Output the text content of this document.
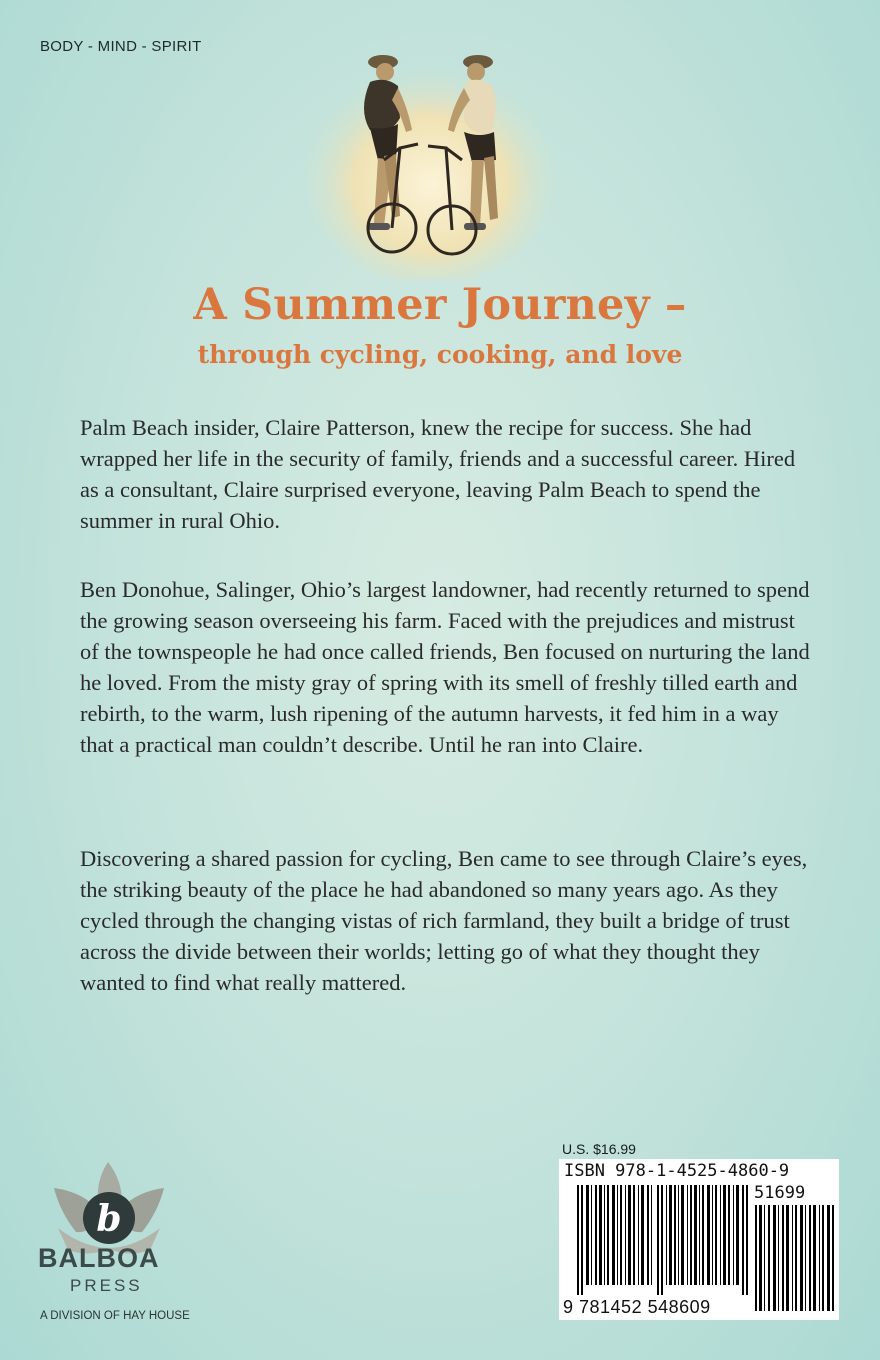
BODY - MIND - SPIRIT
A Summer Journey –
through cycling, cooking, and love

Palm Beach insider, Claire Patterson, knew the recipe for success. She had wrapped her life in the security of family, friends and a successful career. Hired as a consultant, Claire surprised everyone, leaving Palm Beach to spend the summer in rural Ohio.

Ben Donohue, Salinger, Ohio’s largest landowner, had recently returned to spend the growing season overseeing his farm. Faced with the prejudices and mistrust of the townspeople he had once called friends, Ben focused on nurturing the land he loved. From the misty gray of spring with its smell of freshly tilled earth and rebirth, to the warm, lush ripening of the autumn harvests, it fed him in a way that a practical man couldn’t describe. Until he ran into Claire.

Discovering a shared passion for cycling, Ben came to see through Claire’s eyes, the striking beauty of the place he had abandoned so many years ago. As they cycled through the changing vistas of rich farmland, they built a bridge of trust across the divide between their worlds; letting go of what they thought they wanted to find what really mattered.

b
BALBOA
PRESS
A DIVISION OF HAY HOUSE
U.S. $16.99
ISBN 978-1-4525-4860-9
51699
9 781452 548609
